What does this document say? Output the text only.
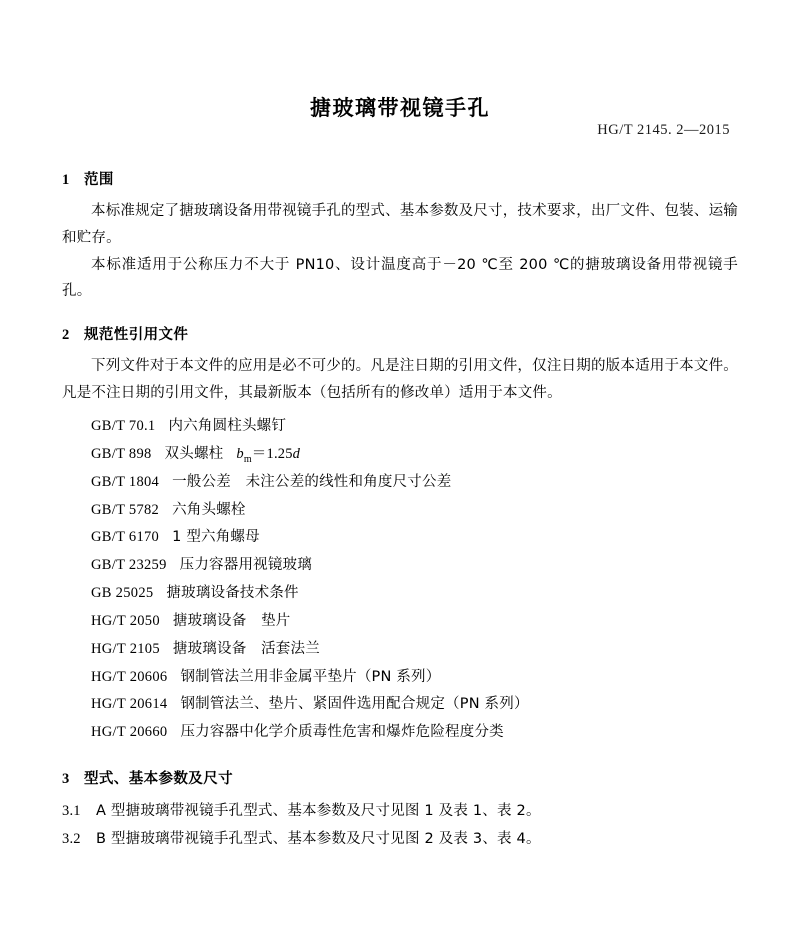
HG/T 2145. 2—2015
搪玻璃带视镜手孔
1 范围

本标准规定了搪玻璃设备用带视镜手孔的型式、基本参数及尺寸，技术要求，出厂文件、包装、运输和贮存。

本标准适用于公称压力不大于 PN10、设计温度高于－20 ℃至 200 ℃的搪玻璃设备用带视镜手孔。

2 规范性引用文件

下列文件对于本文件的应用是必不可少的。凡是注日期的引用文件，仅注日期的版本适用于本文件。凡是不注日期的引用文件，其最新版本（包括所有的修改单）适用于本文件。

GB/T 70.1 内六角圆柱头螺钉
GB/T 898 双头螺柱 $b_m=1.25d$
GB/T 1804 一般公差　未注公差的线性和角度尺寸公差
GB/T 5782 六角头螺栓
GB/T 6170 1 型六角螺母
GB/T 23259 压力容器用视镜玻璃
GB 25025 搪玻璃设备技术条件
HG/T 2050 搪玻璃设备　垫片
HG/T 2105 搪玻璃设备　活套法兰
HG/T 20606 钢制管法兰用非金属平垫片（PN 系列）
HG/T 20614 钢制管法兰、垫片、紧固件选用配合规定（PN 系列）
HG/T 20660 压力容器中化学介质毒性危害和爆炸危险程度分类
3 型式、基本参数及尺寸

3.1 A 型搪玻璃带视镜手孔型式、基本参数及尺寸见图 1 及表 1、表 2。

3.2 B 型搪玻璃带视镜手孔型式、基本参数及尺寸见图 2 及表 3、表 4。
